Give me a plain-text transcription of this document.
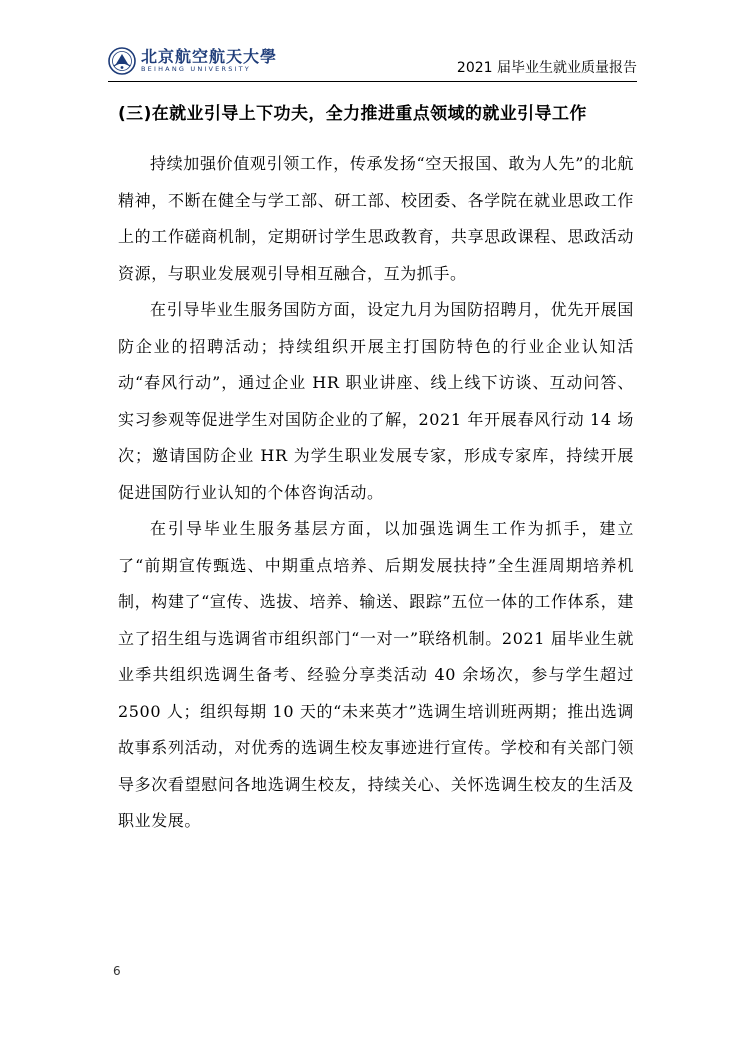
北京航空航天大學
BEIHANG UNIVERSITY	2021 届毕业生就业质量报告
(三)在就业引导上下功夫，全力推进重点领域的就业引导工作

持续加强价值观引领工作，传承发扬“空天报国、敢为人先”的北航精神，不断在健全与学工部、研工部、校团委、各学院在就业思政工作上的工作磋商机制，定期研讨学生思政教育，共享思政课程、思政活动资源，与职业发展观引导相互融合，互为抓手。

在引导毕业生服务国防方面，设定九月为国防招聘月，优先开展国防企业的招聘活动；持续组织开展主打国防特色的行业企业认知活动“春风行动”，通过企业 HR 职业讲座、线上线下访谈、互动问答、实习参观等促进学生对国防企业的了解，2021 年开展春风行动 14 场次；邀请国防企业 HR 为学生职业发展专家，形成专家库，持续开展促进国防行业认知的个体咨询活动。

在引导毕业生服务基层方面，以加强选调生工作为抓手，建立了“前期宣传甄选、中期重点培养、后期发展扶持”全生涯周期培养机制，构建了“宣传、选拔、培养、输送、跟踪”五位一体的工作体系，建立了招生组与选调省市组织部门“一对一”联络机制。2021 届毕业生就业季共组织选调生备考、经验分享类活动 40 余场次，参与学生超过 2500 人；组织每期 10 天的“未来英才”选调生培训班两期；推出选调故事系列活动，对优秀的选调生校友事迹进行宣传。学校和有关部门领导多次看望慰问各地选调生校友，持续关心、关怀选调生校友的生活及职业发展。

6
